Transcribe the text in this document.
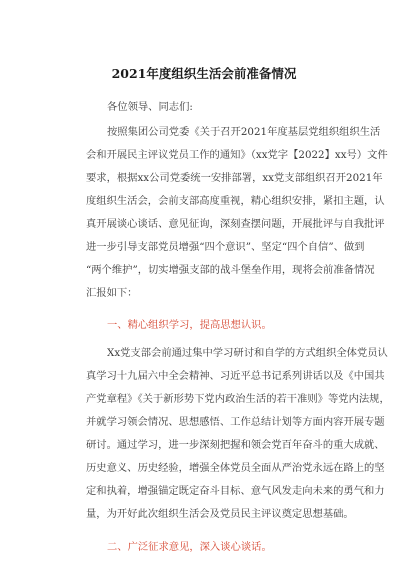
2021年度组织生活会前准备情况
各位领导、同志们:
按照集团公司党委《关于召开2021年度基层党组织组织生活
会和开展民主评议党员工作的通知》（xx党字【2022】xx号）文件
要求，根据xx公司党委统一安排部署，xx党支部组织召开2021年
度组织生活会，会前支部高度重视，精心组织安排，紧扣主题，认
真开展谈心谈话、意见征询，深刻查摆问题，开展批评与自我批评
进一步引导支部党员增强“四个意识”、坚定“四个自信”、做到
“两个维护”，切实增强支部的战斗堡垒作用，现将会前准备情况
汇报如下：
一、精心组织学习，提高思想认识。
Xx党支部会前通过集中学习研讨和自学的方式组织全体党员认
真学习十九届六中全会精神、习近平总书记系列讲话以及《中国共
产党章程》《关于新形势下党内政治生活的若干准则》等党内法规，
并就学习领会情况、思想感悟、工作总结计划等方面内容开展专题
研讨。通过学习，进一步深刻把握和领会党百年奋斗的重大成就、
历史意义、历史经验，增强全体党员全面从严治党永远在路上的坚
定和执着，增强锚定既定奋斗目标、意气风发走向未来的勇气和力
量，为开好此次组织生活会及党员民主评议奠定思想基础。
二、广泛征求意见，深入谈心谈话。
